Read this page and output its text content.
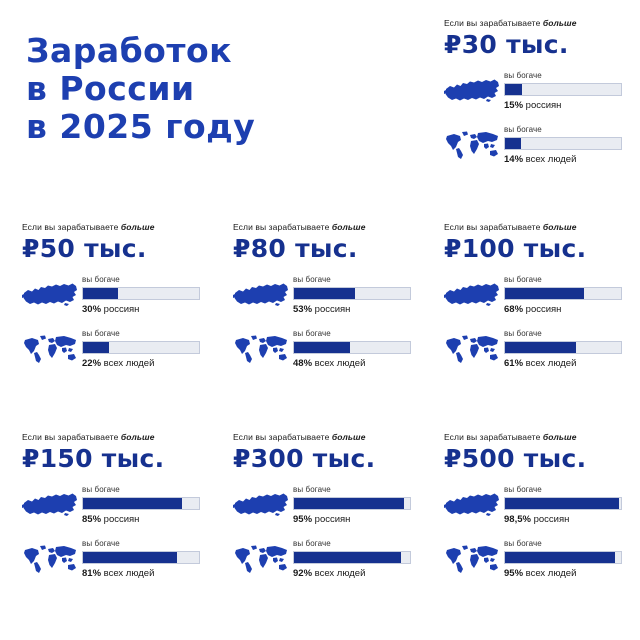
Заработок
в России
в 2025 году
Если вы зарабатываете больше
₽30 тыс.
вы богаче
15% россиян
вы богаче
14% всех людей
Если вы зарабатываете больше
₽50 тыс.
вы богаче
30% россиян
вы богаче
22% всех людей
Если вы зарабатываете больше
₽80 тыс.
вы богаче
53% россиян
вы богаче
48% всех людей
Если вы зарабатываете больше
₽100 тыс.
вы богаче
68% россиян
вы богаче
61% всех людей
Если вы зарабатываете больше
₽150 тыс.
вы богаче
85% россиян
вы богаче
81% всех людей
Если вы зарабатываете больше
₽300 тыс.
вы богаче
95% россиян
вы богаче
92% всех людей
Если вы зарабатываете больше
₽500 тыс.
вы богаче
98,5% россиян
вы богаче
95% всех людей
